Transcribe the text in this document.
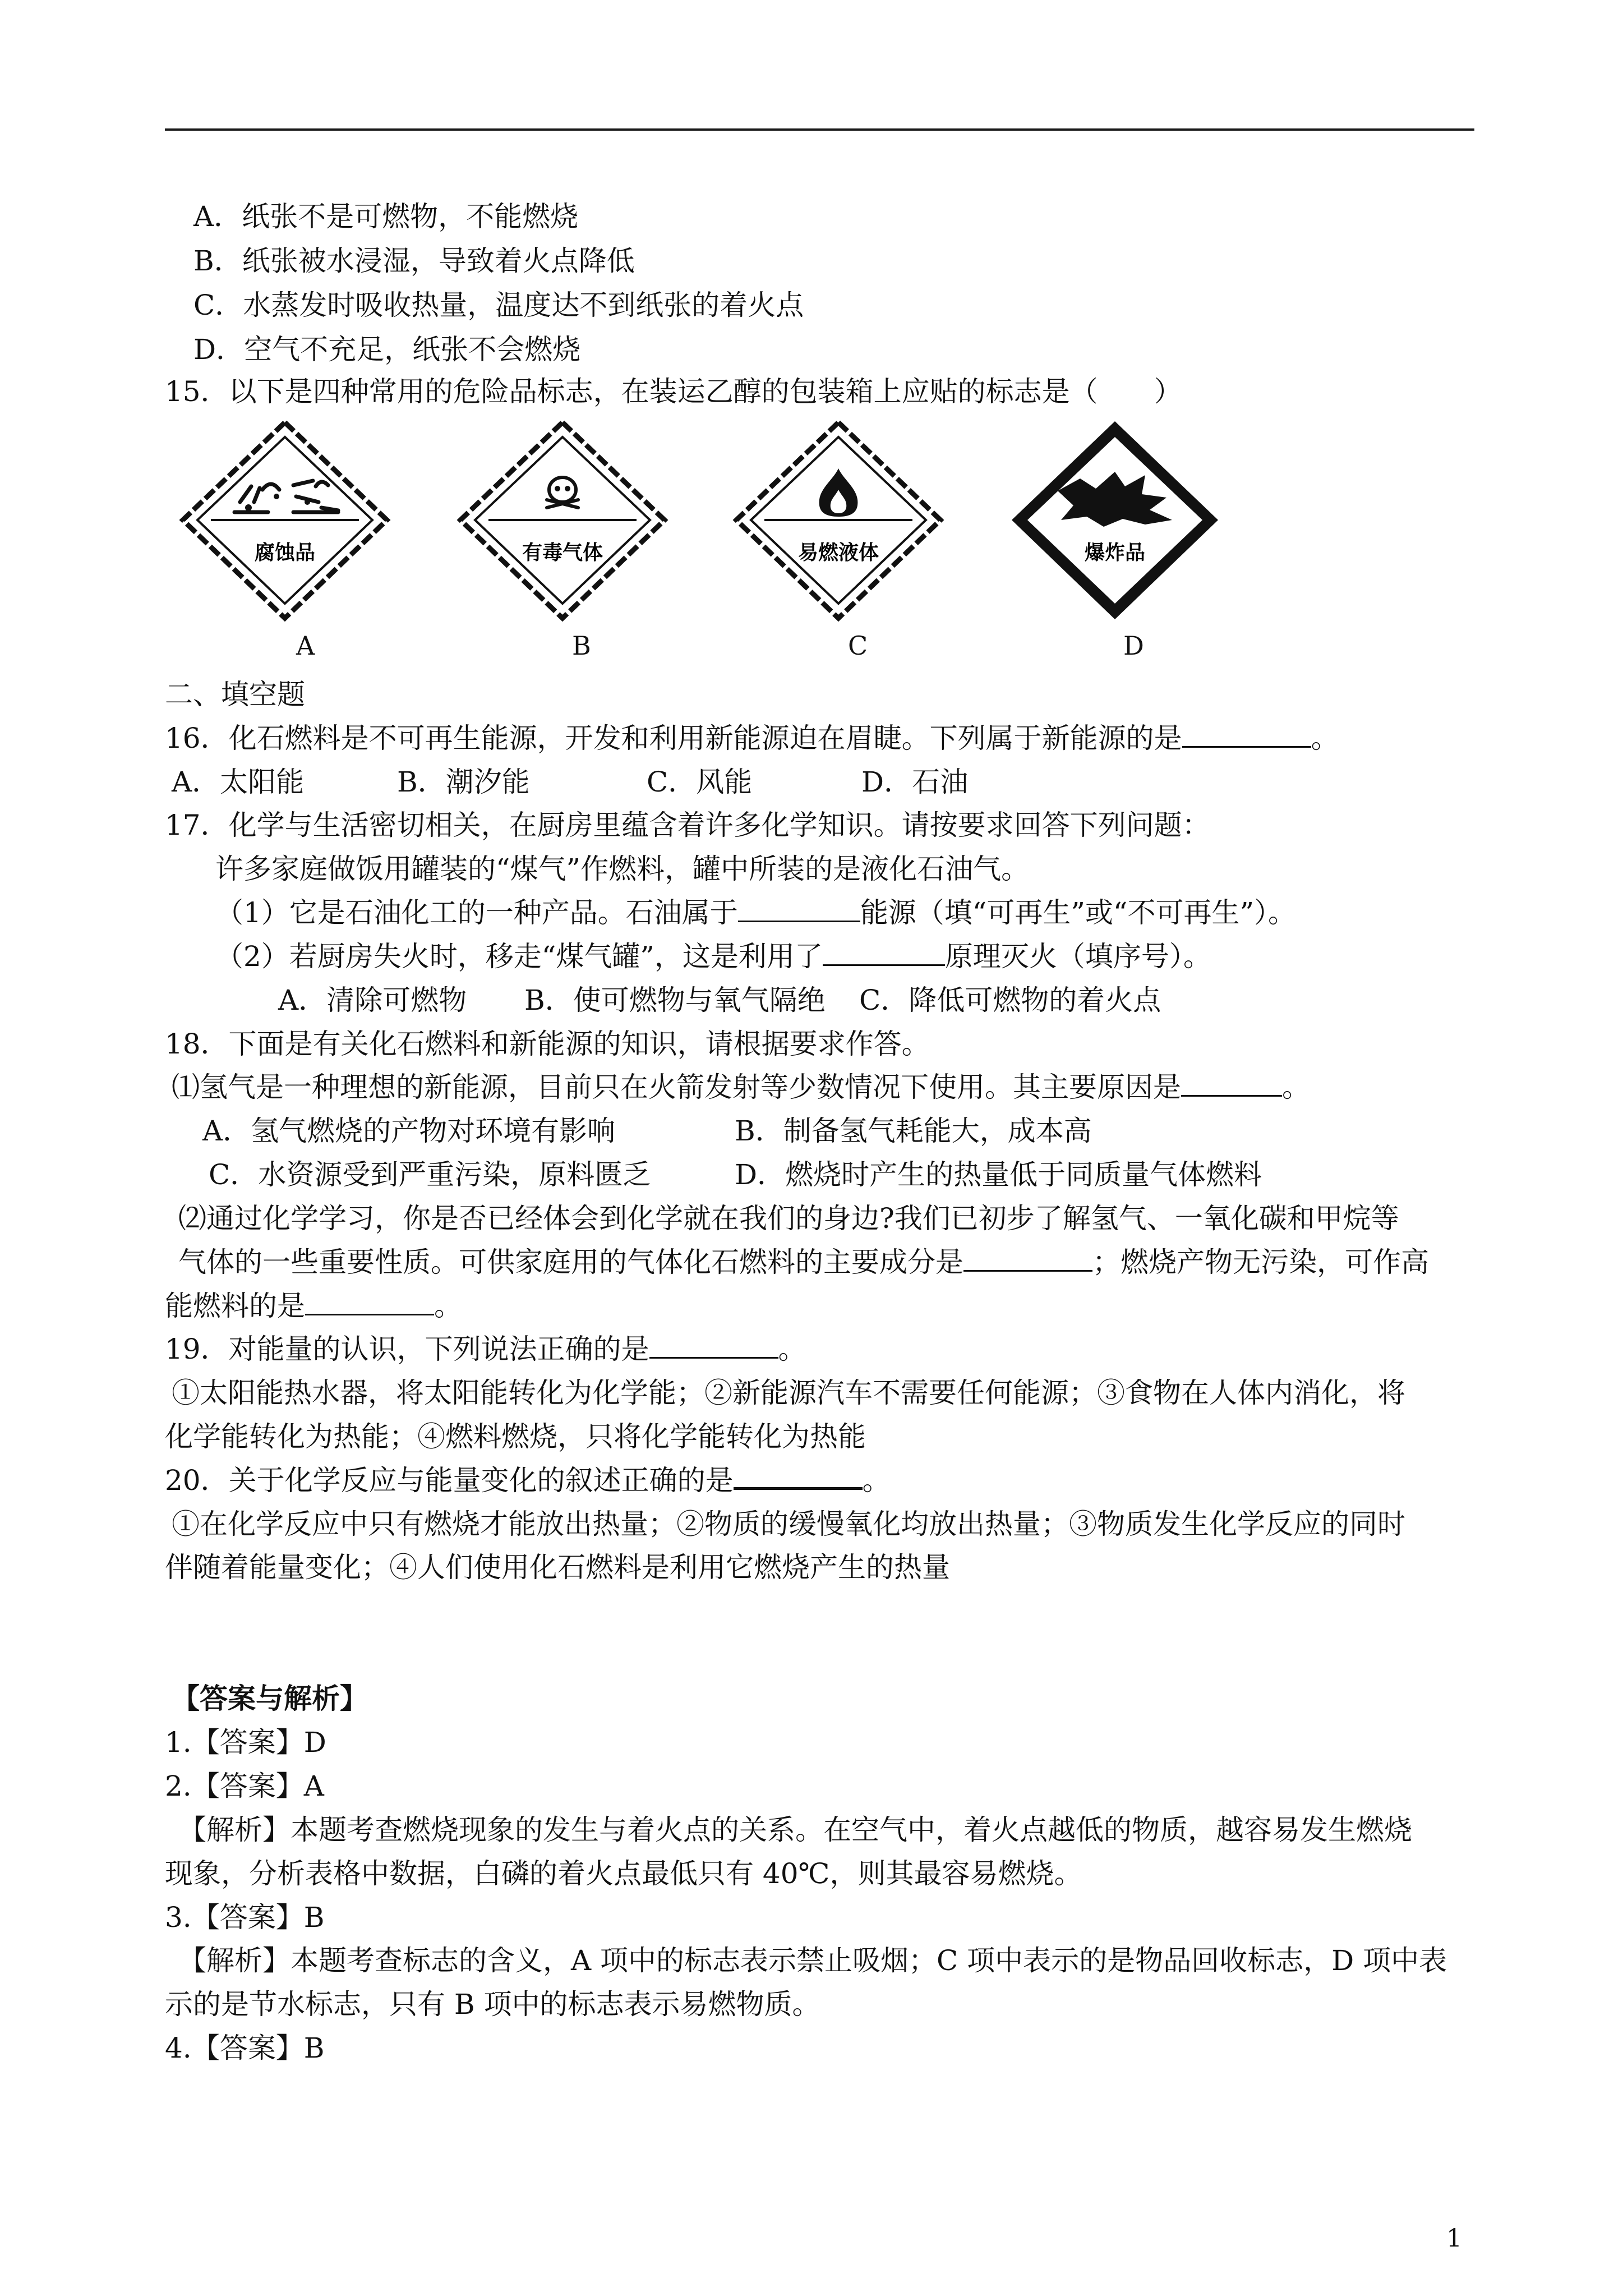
A．纸张不是可燃物，不能燃烧
B．纸张被水浸湿，导致着火点降低
C．水蒸发时吸收热量，温度达不到纸张的着火点
D．空气不充足，纸张不会燃烧
15．以下是四种常用的危险品标志，在装运乙醇的包装箱上应贴的标志是（　　）
腐蚀品	有毒气体	易燃液体	爆炸品
A	B	C	D
二、填空题
16．化石燃料是不可再生能源，开发和利用新能源迫在眉睫。下列属于新能源的是	。
A．太阳能	B．潮汐能	C．风能	D．石油
17．化学与生活密切相关，在厨房里蕴含着许多化学知识。请按要求回答下列问题：
许多家庭做饭用罐装的“煤气”作燃料，罐中所装的是液化石油气。
（1）它是石油化工的一种产品。石油属于	能源（填“可再生”或“不可再生”）。
（2）若厨房失火时，移走“煤气罐”，这是利用了	原理灭火（填序号）。
A．清除可燃物 B．使可燃物与氧气隔绝 C．降低可燃物的着火点
18．下面是有关化石燃料和新能源的知识，请根据要求作答。
⑴氢气是一种理想的新能源，目前只在火箭发射等少数情况下使用。其主要原因是	。
A．氢气燃烧的产物对环境有影响	B．制备氢气耗能大，成本高
C．水资源受到严重污染，原料匮乏	D．燃烧时产生的热量低于同质量气体燃料
⑵通过化学学习，你是否已经体会到化学就在我们的身边?我们已初步了解氢气、一氧化碳和甲烷等
气体的一些重要性质。可供家庭用的气体化石燃料的主要成分是	；燃烧产物无污染，可作高
能燃料的是	。
19．对能量的认识，下列说法正确的是	。
①太阳能热水器，将太阳能转化为化学能；②新能源汽车不需要任何能源；③食物在人体内消化，将
化学能转化为热能；④燃料燃烧，只将化学能转化为热能
20．关于化学反应与能量变化的叙述正确的是	。
①在化学反应中只有燃烧才能放出热量；②物质的缓慢氧化均放出热量；③物质发生化学反应的同时
伴随着能量变化；④人们使用化石燃料是利用它燃烧产生的热量
【答案与解析】
1.【答案】D
2.【答案】A
【解析】本题考查燃烧现象的发生与着火点的关系。在空气中，着火点越低的物质，越容易发生燃烧
现象，分析表格中数据，白磷的着火点最低只有 40℃，则其最容易燃烧。
3.【答案】B
【解析】本题考查标志的含义，A 项中的标志表示禁止吸烟；C 项中表示的是物品回收标志，D 项中表
示的是节水标志，只有 B 项中的标志表示易燃物质。
4.【答案】B
1
